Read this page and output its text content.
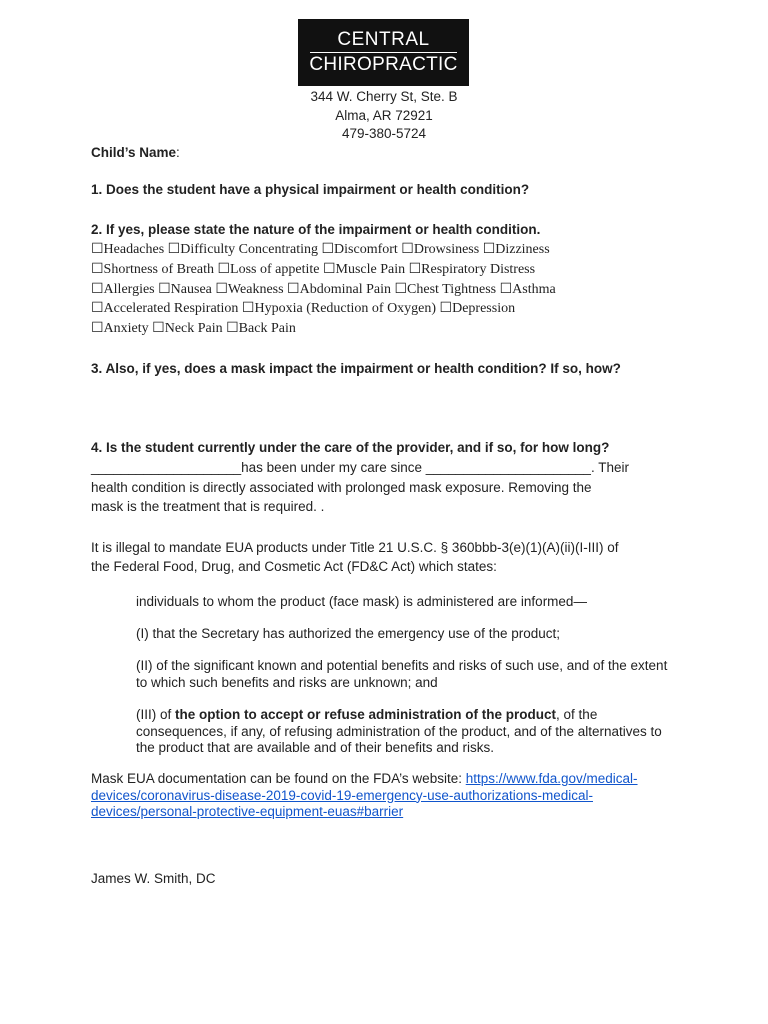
CENTRAL
CHIROPRACTIC
344 W. Cherry St, Ste. B
Alma, AR 72921
479-380-5724
Child’s Name:
1. Does the student have a physical impairment or health condition?
2. If yes, please state the nature of the impairment or health condition.
☐Headaches ☐Difficulty Concentrating ☐Discomfort ☐Drowsiness ☐Dizziness
☐Shortness of Breath ☐Loss of appetite ☐Muscle Pain ☐Respiratory Distress
☐Allergies ☐Nausea ☐Weakness ☐Abdominal Pain ☐Chest Tightness ☐Asthma
☐Accelerated Respiration ☐Hypoxia (Reduction of Oxygen) ☐Depression
☐Anxiety ☐Neck Pain ☐Back Pain
3. Also, if yes, does a mask impact the impairment or health condition? If so, how?
4. Is the student currently under the care of the provider, and if so, for how long?
____________________has been under my care since ______________________. Their
health condition is directly associated with prolonged mask exposure. Removing the
mask is the treatment that is required. .
It is illegal to mandate EUA products under Title 21 U.S.C. § 360bbb-3(e)(1)(A)(ii)(I-III) of
the Federal Food, Drug, and Cosmetic Act (FD&C Act) which states:
individuals to whom the product (face mask) is administered are informed—
(I) that the Secretary has authorized the emergency use of the product;
(II) of the significant known and potential benefits and risks of such use, and of the extent to which such benefits and risks are unknown; and
(III) of the option to accept or refuse administration of the product, of the consequences, if any, of refusing administration of the product, and of the alternatives to the product that are available and of their benefits and risks.
Mask EUA documentation can be found on the FDA’s website: https://www.fda.gov/medical-devices/coronavirus-disease-2019-covid-19-emergency-use-authorizations-medical-devices/personal-protective-equipment-euas#barrier
James W. Smith, DC
